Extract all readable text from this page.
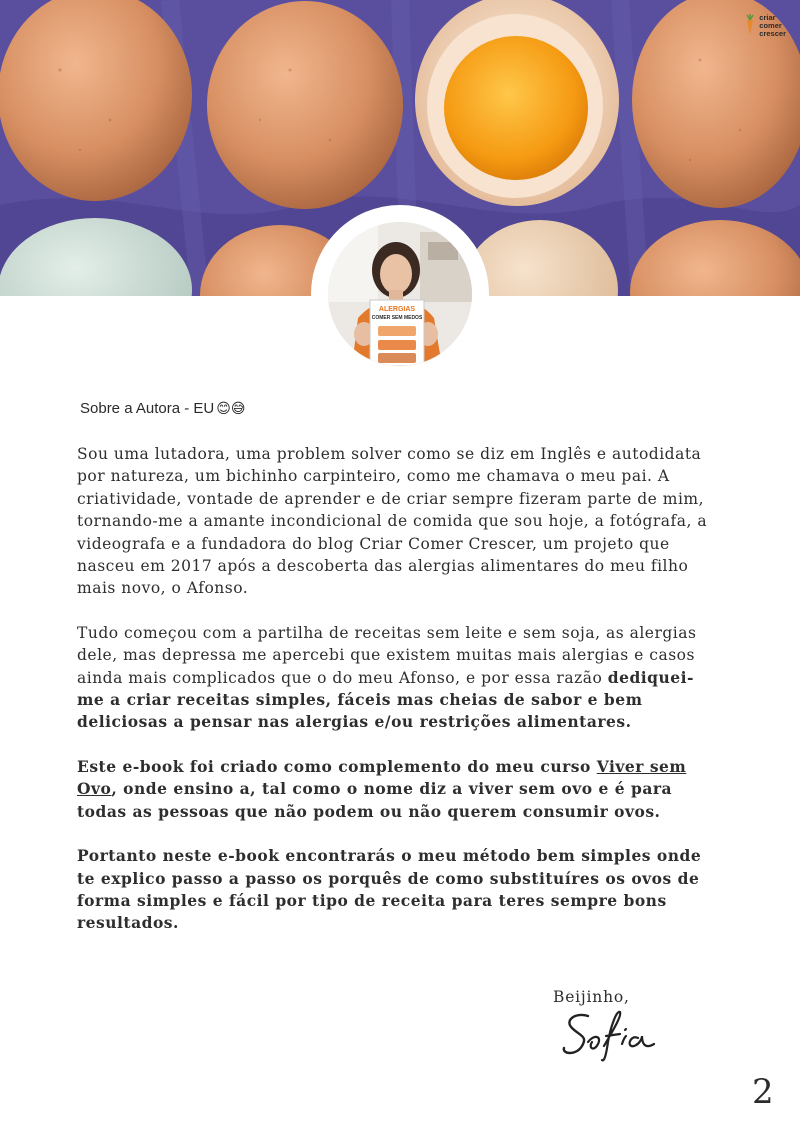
criar
comer
crescer
ALERGIAS
COMER SEM MEDOS
Sobre a Autora - EU 😊😅

Sou uma lutadora, uma problem solver como se diz em Inglês e autodidata por natureza, um bichinho carpinteiro, como me chamava o meu pai. A criatividade, vontade de aprender e de criar sempre fizeram parte de mim, tornando-me a amante incondicional de comida que sou hoje, a fotógrafa, a videografa e a fundadora do blog Criar Comer Crescer, um projeto que nasceu em 2017 após a descoberta das alergias alimentares do meu filho mais novo, o Afonso.

Tudo começou com a partilha de receitas sem leite e sem soja, as alergias dele, mas depressa me apercebi que existem muitas mais alergias e casos ainda mais complicados que o do meu Afonso, e por essa razão dediquei-me a criar receitas simples, fáceis mas cheias de sabor e bem deliciosas a pensar nas alergias e/ou restrições alimentares.

Este e-book foi criado como complemento do meu curso Viver sem Ovo, onde ensino a, tal como o nome diz a viver sem ovo e é para todas as pessoas que não podem ou não querem consumir ovos.

Portanto neste e-book encontrarás o meu método bem simples onde te explico passo a passo os porquês de como substituíres os ovos de forma simples e fácil por tipo de receita para teres sempre bons resultados.

Beijinho,
2
